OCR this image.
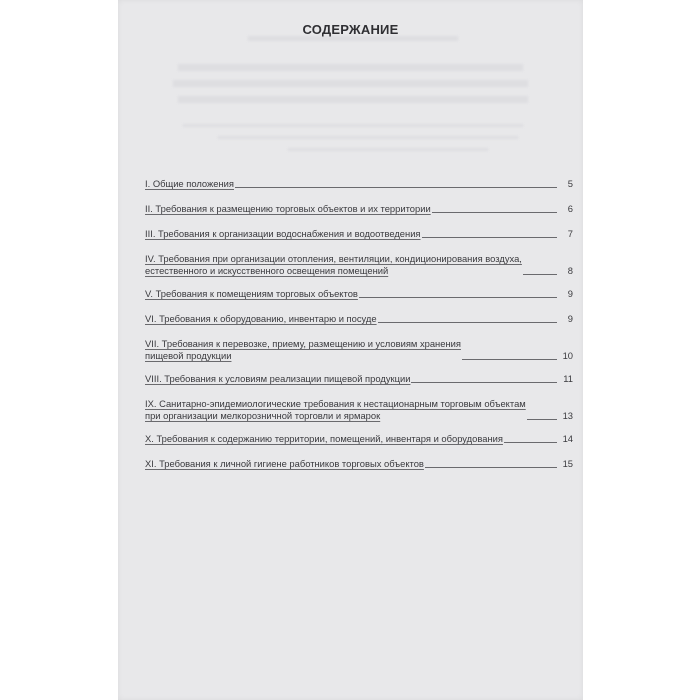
СОДЕРЖАНИЕ
I. Общие положения	5
II. Требования к размещению торговых объектов и их территории	6
III. Требования к организации водоснабжения и водоотведения	7
IV. Требования при организации отопления, вентиляции, кондиционирования воздуха,
естественного и искусственного освещения помещений	8
V. Требования к помещениям торговых объектов	9
VI. Требования к оборудованию, инвентарю и посуде	9
VII. Требования к перевозке, приему, размещению и условиям хранения
пищевой продукции	10
VIII. Требования к условиям реализации пищевой продукции	11
IX. Санитарно-эпидемиологические требования к нестационарным торговым объектам
при организации мелкорозничной торговли и ярмарок	13
X. Требования к содержанию территории, помещений, инвентаря и оборудования	14
XI. Требования к личной гигиене работников торговых объектов	15
